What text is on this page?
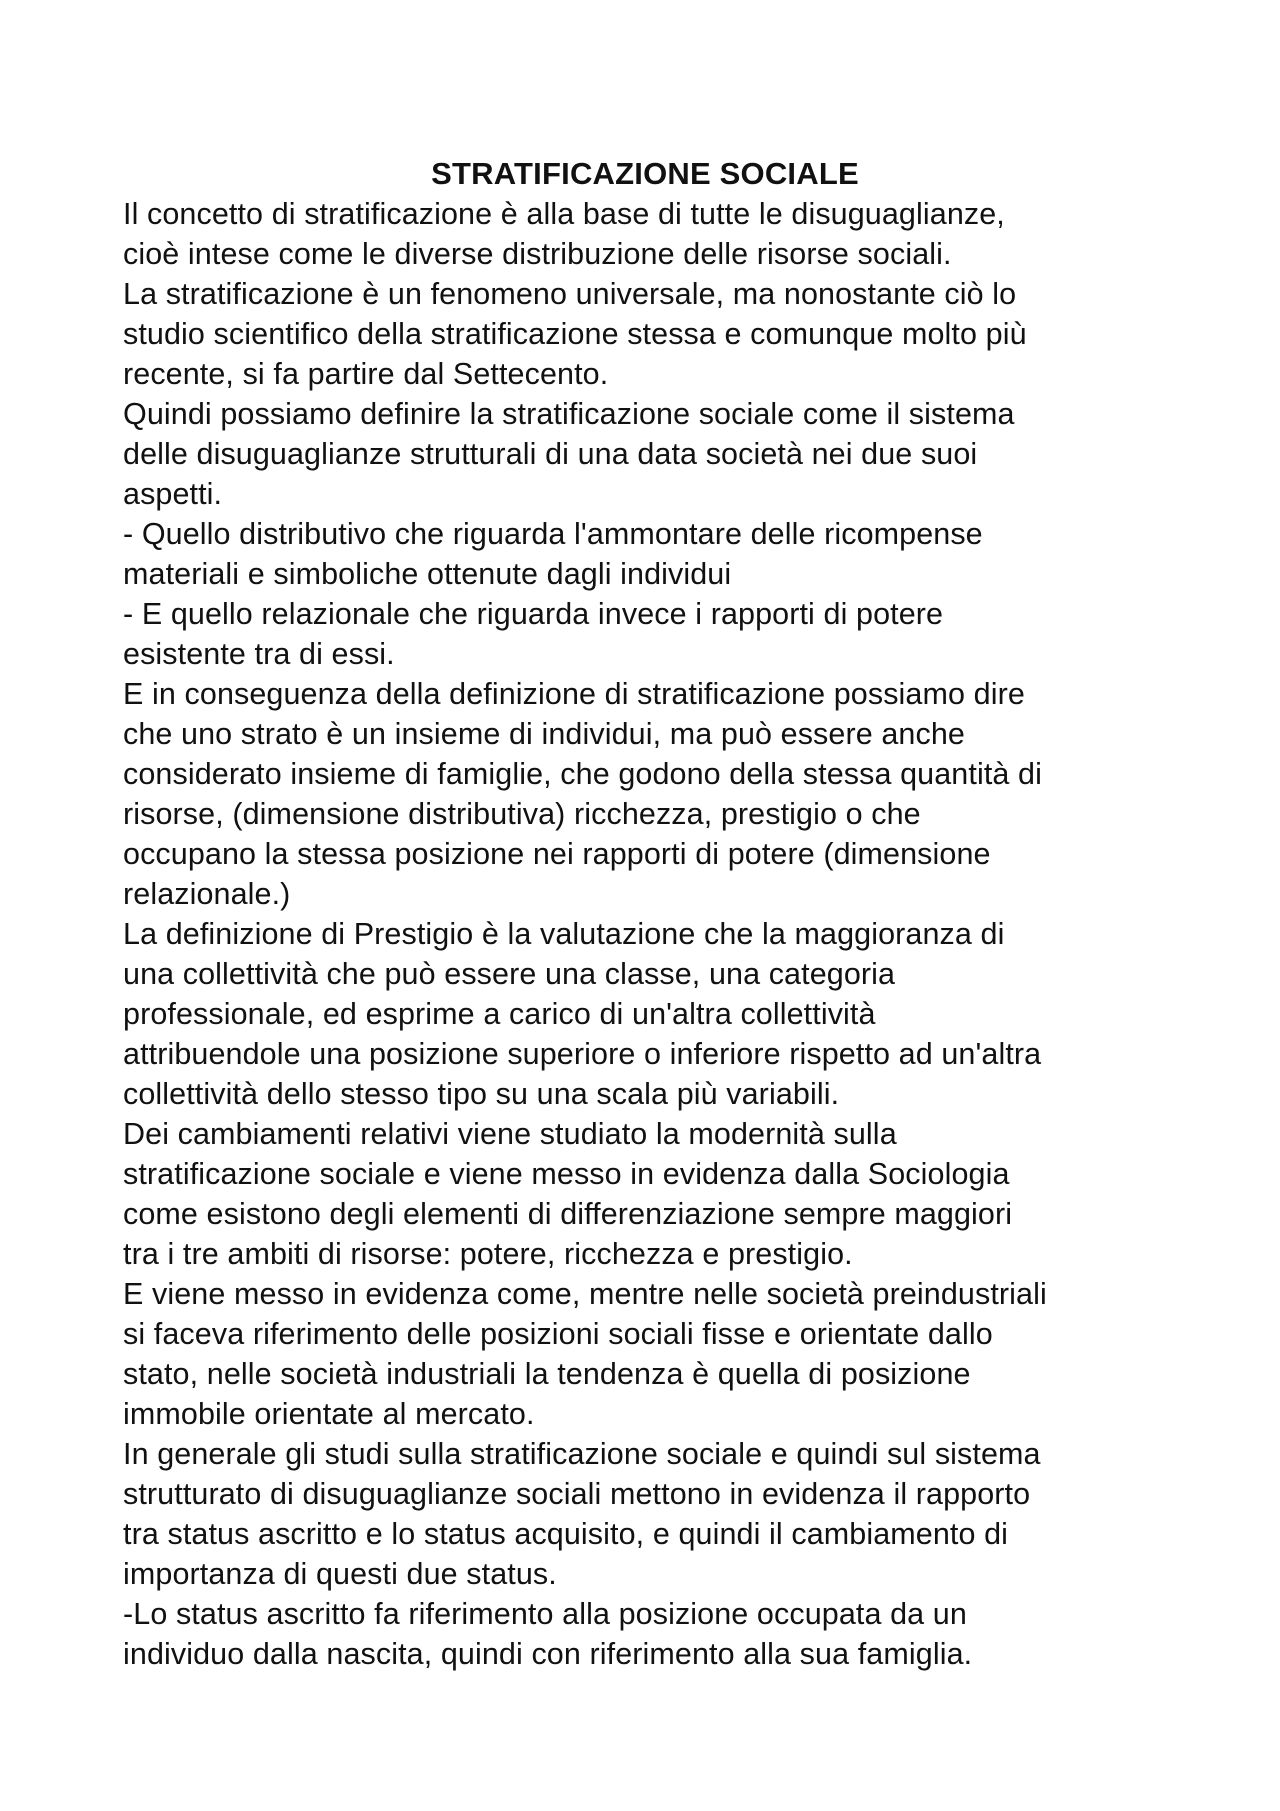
STRATIFICAZIONE SOCIALE
Il concetto di stratificazione è alla base di tutte le disuguaglianze,
cioè intese come le diverse distribuzione delle risorse sociali.
La stratificazione è un fenomeno universale, ma nonostante ciò lo
studio scientifico della stratificazione stessa e comunque molto più
recente, si fa partire dal Settecento.
Quindi possiamo definire la stratificazione sociale come il sistema
delle disuguaglianze strutturali di una data società nei due suoi
aspetti.
- Quello distributivo che riguarda l'ammontare delle ricompense
materiali e simboliche ottenute dagli individui
- E quello relazionale che riguarda invece i rapporti di potere
esistente tra di essi.
E in conseguenza della definizione di stratificazione possiamo dire
che uno strato è un insieme di individui, ma può essere anche
considerato insieme di famiglie, che godono della stessa quantità di
risorse, (dimensione distributiva) ricchezza, prestigio o che
occupano la stessa posizione nei rapporti di potere (dimensione
relazionale.)
La definizione di Prestigio è la valutazione che la maggioranza di
una collettività che può essere una classe, una categoria
professionale, ed esprime a carico di un'altra collettività
attribuendole una posizione superiore o inferiore rispetto ad un'altra
collettività dello stesso tipo su una scala più variabili.
Dei cambiamenti relativi viene studiato la modernità sulla
stratificazione sociale e viene messo in evidenza dalla Sociologia
come esistono degli elementi di differenziazione sempre maggiori
tra i tre ambiti di risorse: potere, ricchezza e prestigio.
E viene messo in evidenza come, mentre nelle società preindustriali
si faceva riferimento delle posizioni sociali fisse e orientate dallo
stato, nelle società industriali la tendenza è quella di posizione
immobile orientate al mercato.
In generale gli studi sulla stratificazione sociale e quindi sul sistema
strutturato di disuguaglianze sociali mettono in evidenza il rapporto
tra status ascritto e lo status acquisito, e quindi il cambiamento di
importanza di questi due status.
-Lo status ascritto fa riferimento alla posizione occupata da un
individuo dalla nascita, quindi con riferimento alla sua famiglia.
